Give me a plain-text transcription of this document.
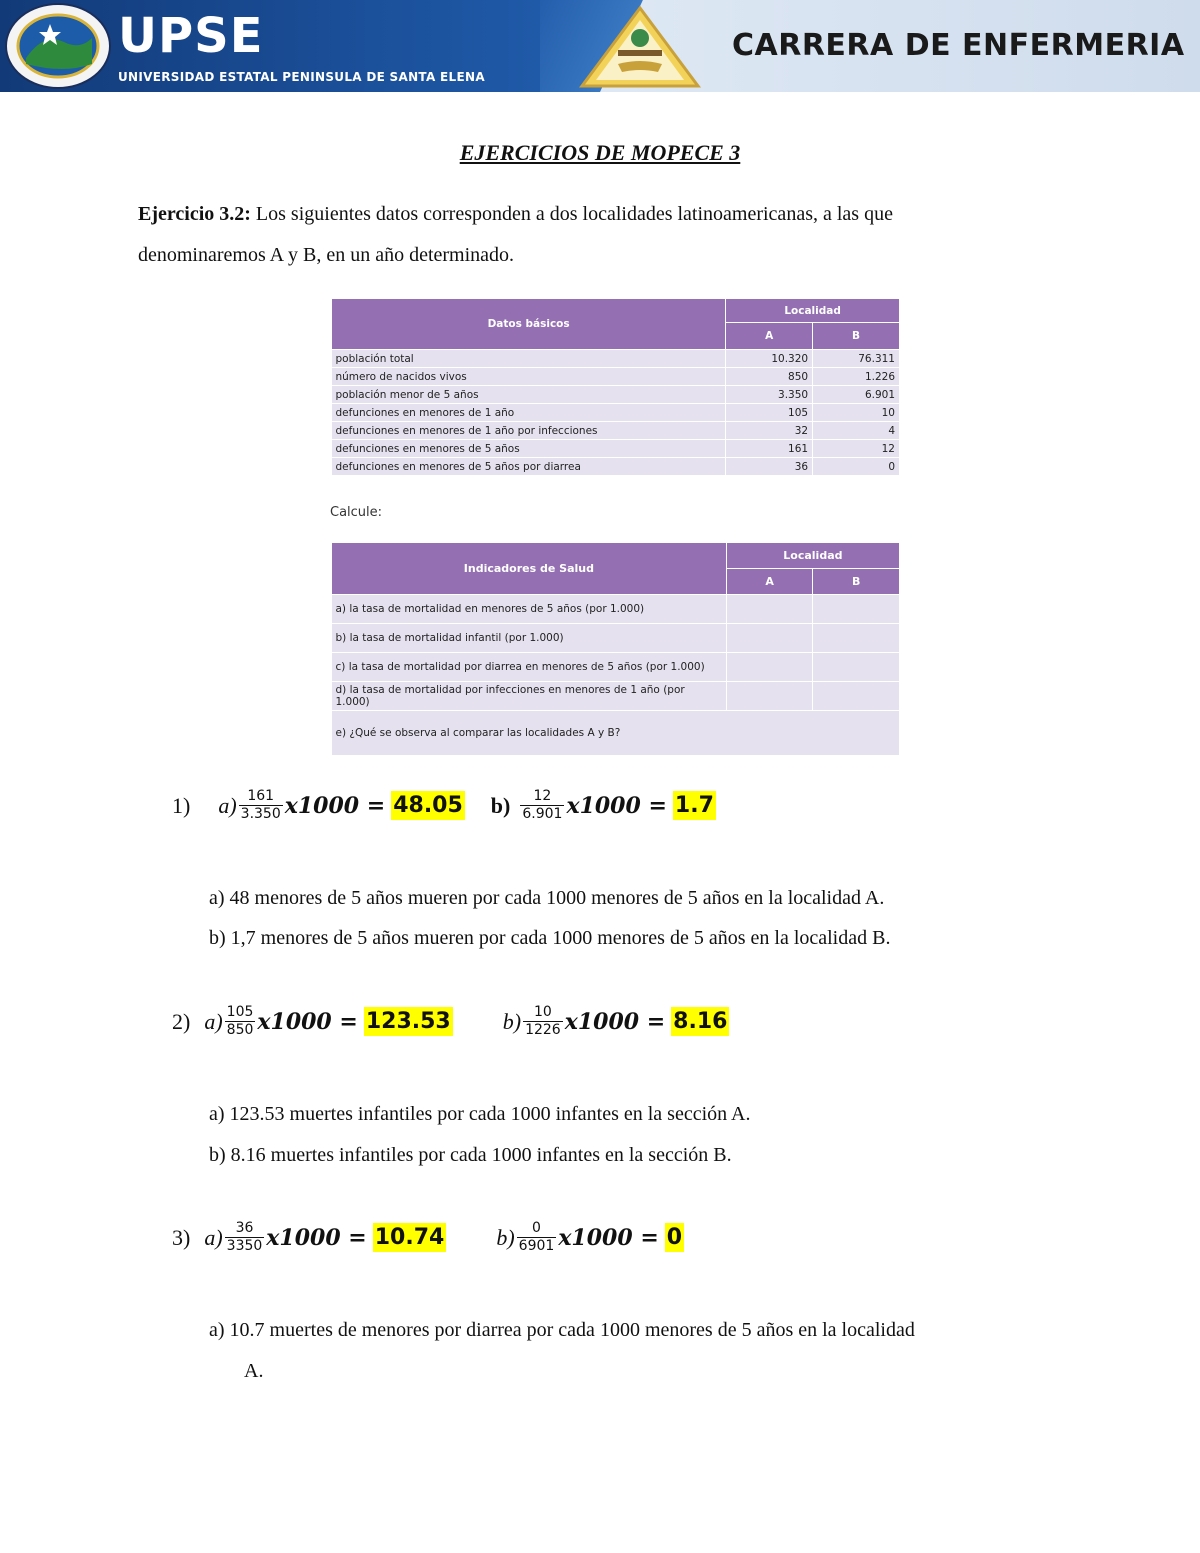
UPSE
UNIVERSIDAD ESTATAL PENINSULA DE SANTA ELENA
CARRERA DE ENFERMERIA
EJERCICIOS DE MOPECE 3
Ejercicio 3.2: Los siguientes datos corresponden a dos localidades latinoamericanas, a las que
denominaremos A y B, en un año determinado.
Datos básicos	Localidad	
	A	B
población total	10.320	76.311
número de nacidos vivos	850	1.226
población menor de 5 años	3.350	6.901
defunciones en menores de 1 año	105	10
defunciones en menores de 1 año por infecciones	32	4
defunciones en menores de 5 años	161	12
defunciones en menores de 5 años por diarrea	36	0
Calcule:
Indicadores de Salud	Localidad	
	A	B
a) la tasa de mortalidad en menores de 5 años (por 1.000)		
b) la tasa de mortalidad infantil (por 1.000)		
c) la tasa de mortalidad por diarrea en menores de 5 años (por 1.000)		
d) la tasa de mortalidad por infecciones en menores de 1 año (por 1.000)		
e) ¿Qué se observa al comparar las localidades A y B?		
1) $a) \frac{161}{3.350} x1000 = 48.05$ $b) \frac{12}{6.901} x1000 = 1.7$
a) 48 menores de 5 años mueren por cada 1000 menores de 5 años en la localidad A.
b) 1,7 menores de 5 años mueren por cada 1000 menores de 5 años en la localidad B.
2) $a) \frac{105}{850} x1000 = 123.53$ $b) \frac{10}{1226} x1000 = 8.16$
a) 123.53 muertes infantiles por cada 1000 infantes en la sección A.
b) 8.16 muertes infantiles por cada 1000 infantes en la sección B.
3) $a) \frac{36}{3350} x1000 = 10.74$ $b) \frac{0}{6901} x1000 = 0$
a) 10.7 muertes de menores por diarrea por cada 1000 menores de 5 años en la localidad
A.
